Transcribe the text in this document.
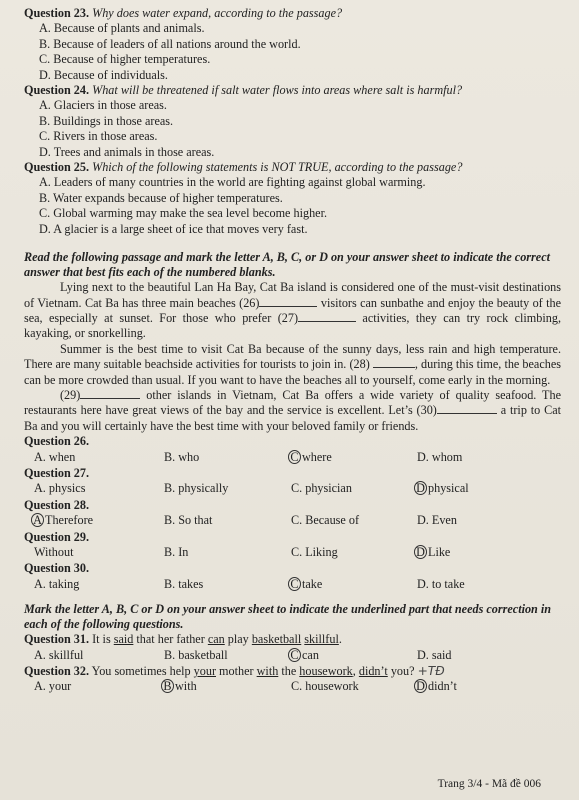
Question 23. Why does water expand, according to the passage?

A. Because of plants and animals.

B. Because of leaders of all nations around the world.

C. Because of higher temperatures.

D. Because of individuals.

Question 24. What will be threatened if salt water flows into areas where salt is harmful?

A. Glaciers in those areas.

B. Buildings in those areas.

C. Rivers in those areas.

D. Trees and animals in those areas.

Question 25. Which of the following statements is NOT TRUE, according to the passage?

A. Leaders of many countries in the world are fighting against global warming.

B. Water expands because of higher temperatures.

C. Global warming may make the sea level become higher.

D. A glacier is a large sheet of ice that moves very fast.

Read the following passage and mark the letter A, B, C, or D on your answer sheet to indicate the correct answer that best fits each of the numbered blanks.

Lying next to the beautiful Lan Ha Bay, Cat Ba island is considered one of the must-visit destinations of Vietnam. Cat Ba has three main beaches (26)	visitors can sunbathe and enjoy the beauty of the sea, especially at sunset. For those who prefer (27)	activities, they can try rock climbing, kayaking, or snorkelling.

Summer is the best time to visit Cat Ba because of the sunny days, less rain and high temperature. There are many suitable beachside activities for tourists to join in. (28)	, during this time, the beaches can be more crowded than usual. If you want to have the beaches all to yourself, come early in the morning.

(29)	other islands in Vietnam, Cat Ba offers a wide variety of quality seafood. The restaurants here have great views of the bay and the service is excellent. Let’s (30)	a trip to Cat Ba and you will certainly have the best time with your beloved family or friends.

Question 26.

A. when	B. who	C where	D. whom

Question 27.

A. physics	B. physically	C. physician	D physical

Question 28.

A Therefore	B. So that	C. Because of	D. Even

Question 29.

Without	B. In	C. Liking	D Like

Question 30.

A. taking	B. takes	C take	D. to take

Mark the letter A, B, C or D on your answer sheet to indicate the underlined part that needs correction in each of the following questions.

Question 31. It is said that her father can play basketball skillful.

A. skillful	B. basketball	C can	D. said

Question 32. You sometimes help your mother with the housework, didn’t you? +TĐ

A. your	B with	C. housework	D didn’t
Trang 3/4 - Mã đề 006
